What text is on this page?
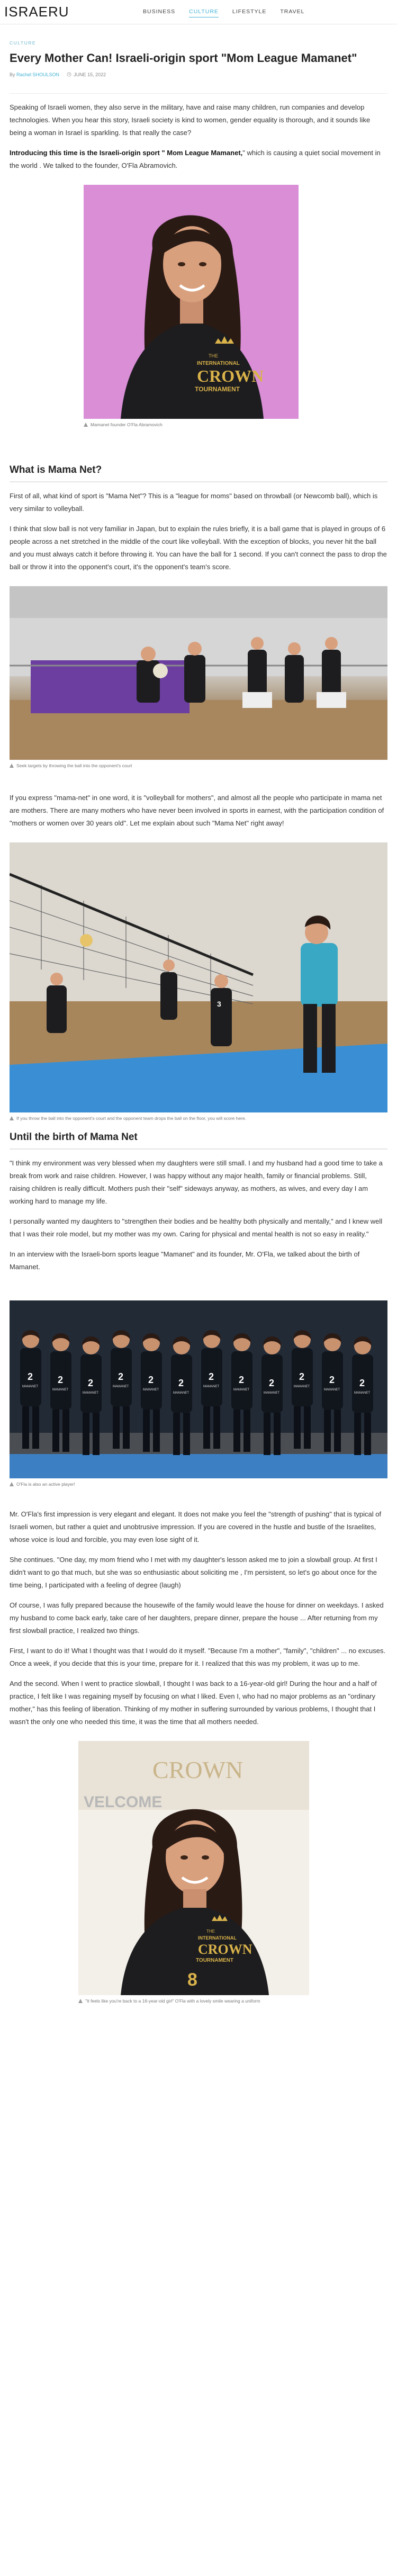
ISRAERU	BUSINESS CULTURE LIFESTYLE TRAVEL
CULTURE
Every Mother Can! Israeli-origin sport "Mom League Mamanet"
By Rachel SHOULSON	JUNE 15, 2022

Speaking of Israeli women, they also serve in the military, have and raise many children, run companies and develop technologies. When you hear this story, Israeli society is kind to women, gender equality is thorough, and it sounds like being a woman in Israel is sparkling. Is that really the case?

Introducing this time is the Israeli-origin sport " Mom League Mamanet," which is causing a quiet social movement in the world . We talked to the founder, O'Fla Abramovich.

THE
INTERNATIONAL
CROWN
TOURNAMENT
Mamanet founder O'Fla Abramovich
What is Mama Net?

First of all, what kind of sport is "Mama Net"? This is a "league for moms" based on throwball (or Newcomb ball), which is very similar to volleyball.

I think that slow ball is not very familiar in Japan, but to explain the rules briefly, it is a ball game that is played in groups of 6 people across a net stretched in the middle of the court like volleyball. With the exception of blocks, you never hit the ball and you must always catch it before throwing it. You can have the ball for 1 second. If you can't connect the pass to drop the ball or throw it into the opponent's court, it's the opponent's team's score.

Seek targets by throwing the ball into the opponent's court

If you express "mama-net" in one word, it is "volleyball for mothers", and almost all the people who participate in mama net are mothers. There are many mothers who have never been involved in sports in earnest, with the participation condition of "mothers or women over 30 years old". Let me explain about such "Mama Net" right away!

3
If you throw the ball into the opponent's court and the opponent team drops the ball on the floor, you will score here.
Until the birth of Mama Net

"I think my environment was very blessed when my daughters were still small. I and my husband had a good time to take a break from work and raise children. However, I was happy without any major health, family or financial problems. Still, raising children is really difficult. Mothers push their "self" sideways anyway, as mothers, as wives, and every day I am working hard to manage my life.

I personally wanted my daughters to "strengthen their bodies and be healthy both physically and mentally," and I knew well that I was their role model, but my mother was my own. Caring for physical and mental health is not so easy in reality."

In an interview with the Israeli-born sports league "Mamanet" and its founder, Mr. O'Fla, we talked about the birth of Mamanet.

2
MAMANET
2
MAMANET
2
MAMANET
2
MAMANET
2
MAMANET
2
MAMANET
2
MAMANET
2
MAMANET
2
MAMANET
2
MAMANET
2
MAMANET
2
MAMANET
O'Fla is also an active player!

Mr. O'Fla's first impression is very elegant and elegant. It does not make you feel the "strength of pushing" that is typical of Israeli women, but rather a quiet and unobtrusive impression. If you are covered in the hustle and bustle of the Israelites, whose voice is loud and forcible, you may even lose sight of it.

She continues. "One day, my mom friend who I met with my daughter's lesson asked me to join a slowball group. At first I didn't want to go that much, but she was so enthusiastic about soliciting me , I'm persistent, so let's go about once for the time being, I participated with a feeling of degree (laugh)

Of course, I was fully prepared because the housewife of the family would leave the house for dinner on weekdays. I asked my husband to come back early, take care of her daughters, prepare dinner, prepare the house ... After returning from my first slowball practice, I realized two things.

First, I want to do it! What I thought was that I would do it myself. "Because I'm a mother", "family", "children" ... no excuses. Once a week, if you decide that this is your time, prepare for it. I realized that this was my problem, it was up to me.

And the second. When I went to practice slowball, I thought I was back to a 16-year-old girl! During the hour and a half of practice, I felt like I was regaining myself by focusing on what I liked. Even I, who had no major problems as an "ordinary mother," has this feeling of liberation. Thinking of my mother in suffering surrounded by various problems, I thought that I wasn't the only one who needed this time, it was the time that all mothers needed.

CROWN
VELCOME
THE
INTERNATIONAL
CROWN
TOURNAMENT
8
"It feels like you're back to a 16-year-old girl" O'Fla with a lovely smile wearing a uniform
